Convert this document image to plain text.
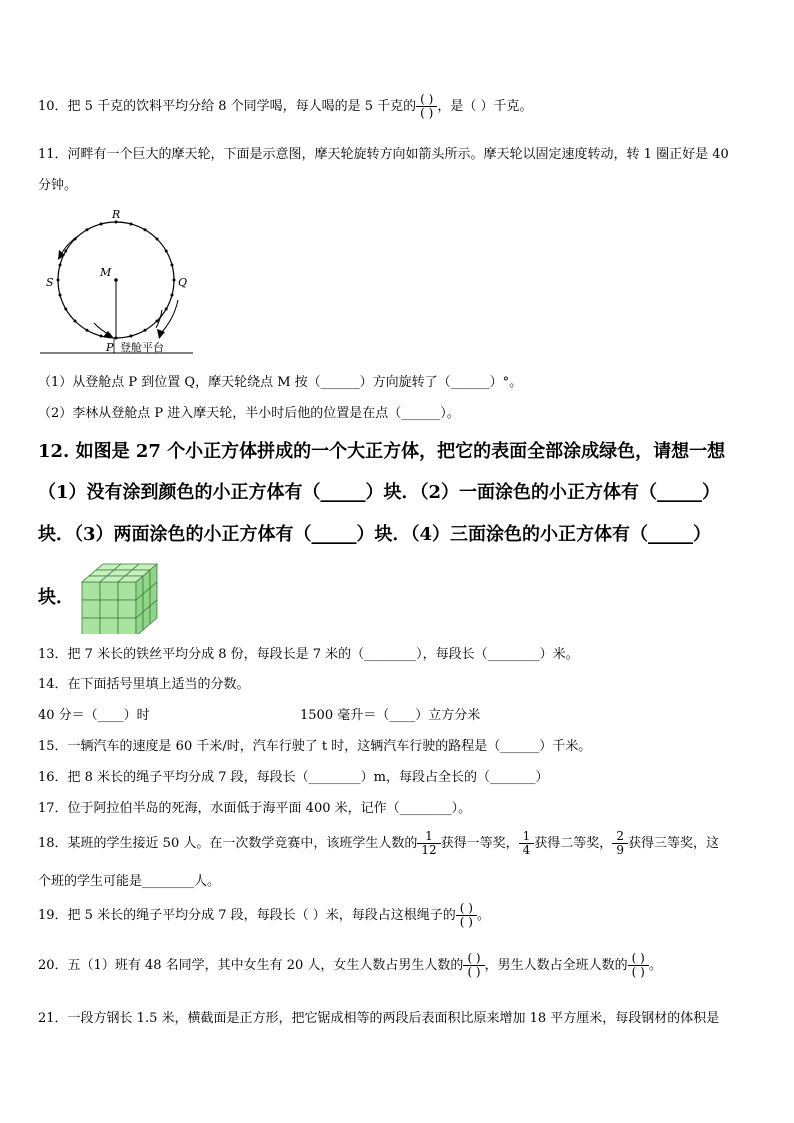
10．把 5 千克的饮料平均分给 8 个同学喝，每人喝的是 5 千克的 $\frac{( )}{( )}$ ，是（ ）千克。
11．河畔有一个巨大的摩天轮，下面是示意图，摩天轮旋转方向如箭头所示。摩天轮以固定速度转动，转 1 圈正好是 40
分钟。
R
M
S	Q
P 登舱平台
（1）从登舱点 P 到位置 Q，摩天轮绕点 M 按（______）方向旋转了（______）°。
（2）李林从登舱点 P 进入摩天轮，半小时后他的位置是在点（______）。
12. 如图是 27 个小正方体拼成的一个大正方体，把它的表面全部涂成绿色，请想一想
（1）没有涂到颜色的小正方体有（_____）块．（2）一面涂色的小正方体有（_____）
块．（3）两面涂色的小正方体有（_____）块．（4）三面涂色的小正方体有（_____）
块．
13．把 7 米长的铁丝平均分成 8 份，每段长是 7 米的（________），每段长（________）米。
14．在下面括号里填上适当的分数。
40 分＝（____）时	1500 毫升＝（____）立方分米
15．一辆汽车的速度是 60 千米/时，汽车行驶了 t 时，这辆汽车行驶的路程是（______）千米。
16．把 8 米长的绳子平均分成 7 段，每段长（________）m，每段占全长的（_______）
17．位于阿拉伯半岛的死海，水面低于海平面 400 米，记作（________）。
18．某班的学生接近 50 人。在一次数学竞赛中，该班学生人数的 $\frac{1}{12}$ 获得一等奖， $\frac{1}{4}$ 获得二等奖， $\frac{2}{9}$ 获得三等奖，这
个班的学生可能是________人。
19．把 5 米长的绳子平均分成 7 段，每段长（ ）米，每段占这根绳子的 $\frac{( )}{( )}$ 。
20．五（1）班有 48 名同学，其中女生有 20 人，女生人数占男生人数的 $\frac{( )}{( )}$ ，男生人数占全班人数的 $\frac{( )}{( )}$ 。
21．一段方钢长 1.5 米，横截面是正方形，把它锯成相等的两段后表面积比原来增加 18 平方厘米，每段钢材的体积是
